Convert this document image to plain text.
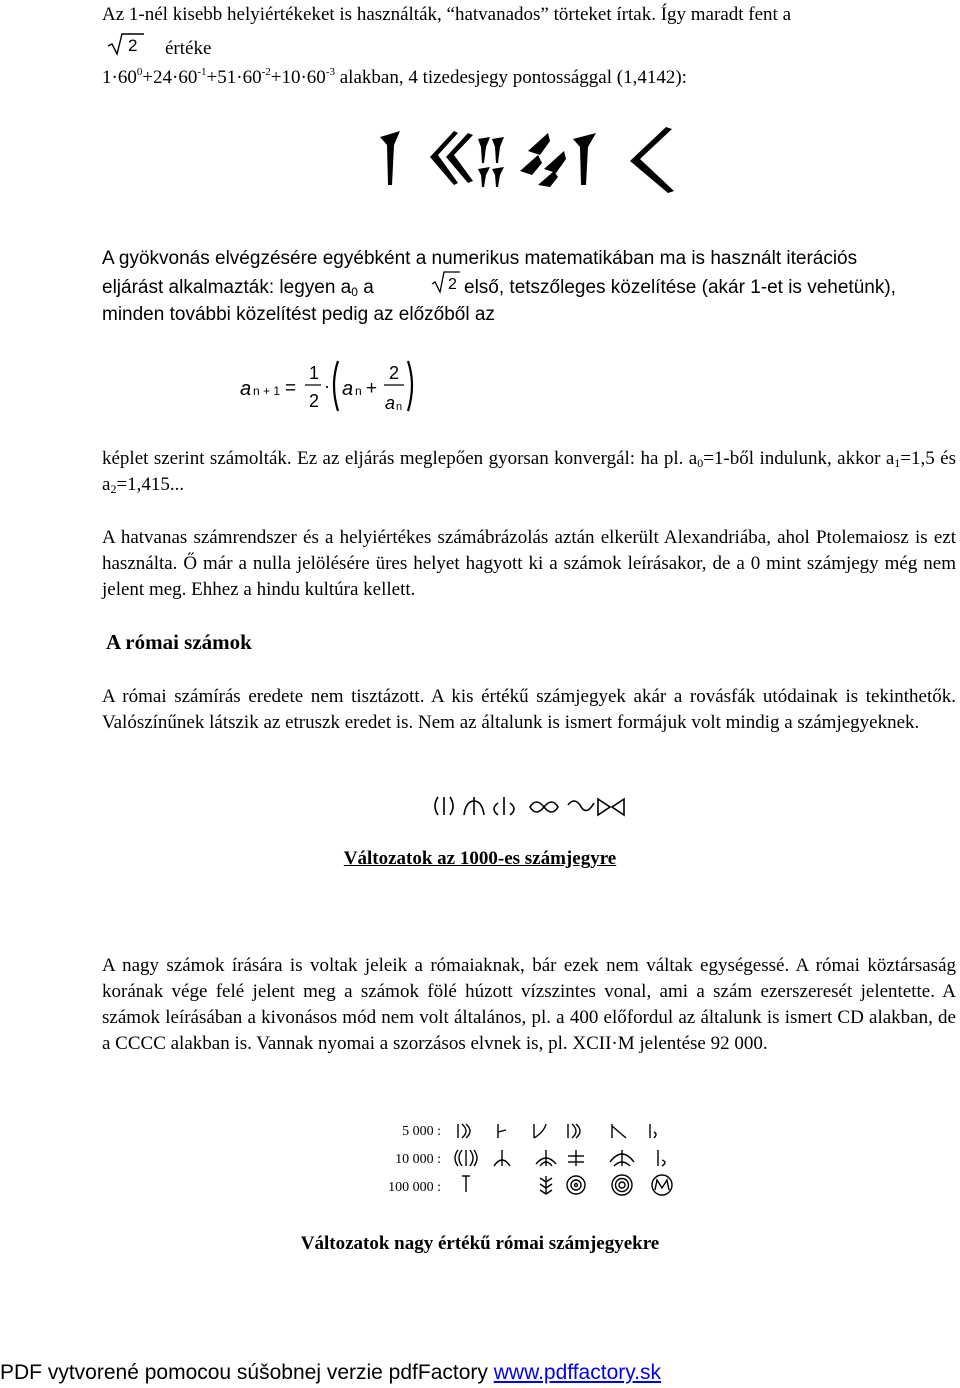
Az 1-nél kisebb helyiértékeket is használták, “hatvanados” törteket írtak. Így maradt fent a

2 értéke

$1\cdot 60^0+24\cdot 60^{-1}+51\cdot 60^{-2}+10\cdot 60^{-3}$ alakban, 4 tizedesjegy pontossággal (1,4142):

A gyökvonás elvégzésére egyébként a numerikus matematikában ma is használt iterációs

eljárást alkalmazták: legyen $a_0$ a	2 első, tetszőleges közelítése (akár 1-et is vehetünk),

minden további közelítést pedig az előzőből az

a n + 1 =
1
2
· a n +
2
a n

képlet szerint számolták. Ez az eljárás meglepően gyorsan konvergál: ha pl. $a_0=1$-ből indulunk, akkor $a_1=1,5$ és $a_2=1,415$...

A hatvanas számrendszer és a helyiértékes számábrázolás aztán elkerült Alexandriába, ahol Ptolemaiosz is ezt használta. Ő már a nulla jelölésére üres helyet hagyott ki a számok leírásakor, de a 0 mint számjegy még nem jelent meg. Ehhez a hindu kultúra kellett.

A római számok

A római számírás eredete nem tisztázott. A kis értékű számjegyek akár a rovásfák utódainak is tekinthetők. Valószínűnek látszik az etruszk eredet is. Nem az általunk is ismert formájuk volt mindig a számjegyeknek.

Változatok az 1000-es számjegyre

A nagy számok írására is voltak jeleik a rómaiaknak, bár ezek nem váltak egységessé. A római köztársaság korának vége felé jelent meg a számok fölé húzott vízszintes vonal, ami a szám ezerszeresét jelentette. A számok leírásában a kivonásos mód nem volt általános, pl. a 400 előfordul az általunk is ismert CD alakban, de a CCCC alakban is. Vannak nyomai a szorzásos elvnek is, pl. XCII·M jelentése 92 000.

5 000 :
10 000 :
100 000 :

Változatok nagy értékű római számjegyekre

PDF vytvorené pomocou súšobnej verzie pdfFactory www.pdffactory.sk
